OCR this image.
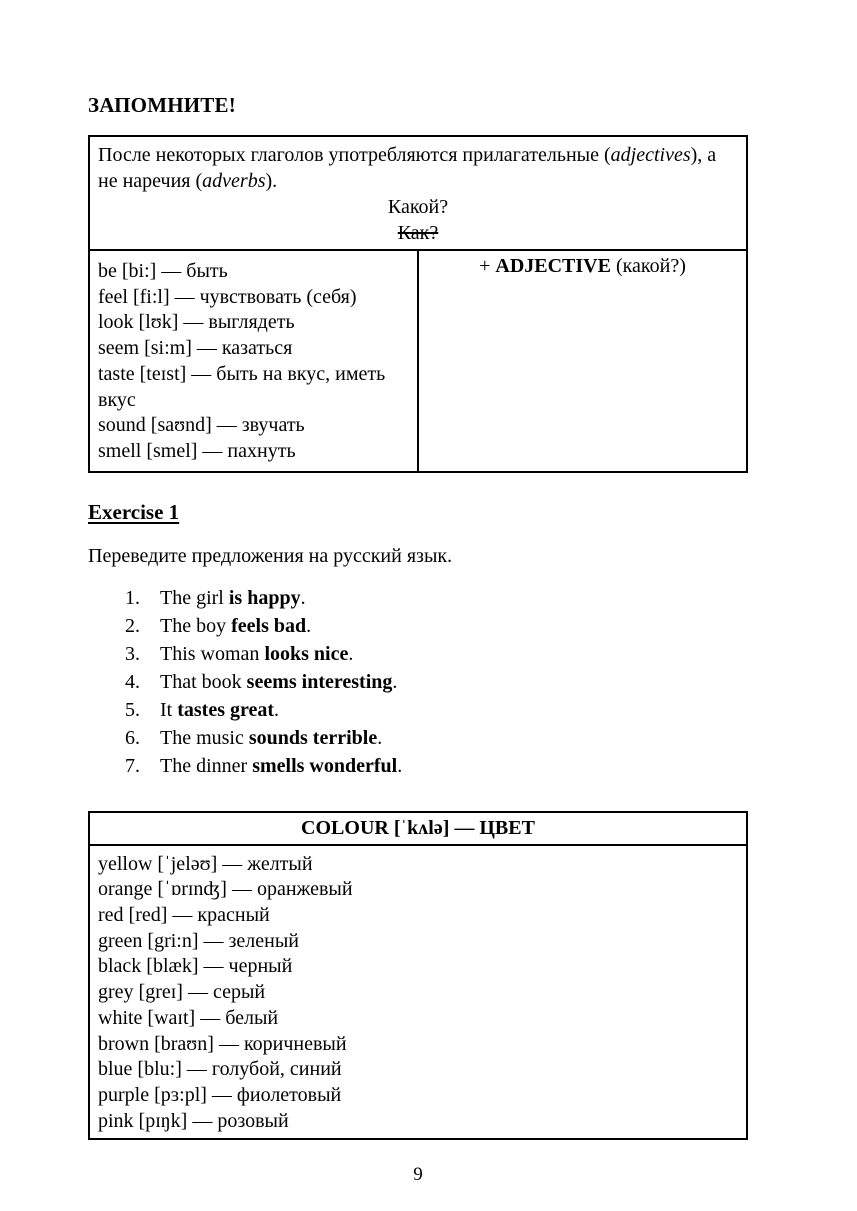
ЗАПОМНИТЕ!
После некоторых глаголов употребляются прилагательные (adjectives), а не наречия (adverbs).
Какой?
Как?

be [bi:] — быть
feel [fi:l] — чувствовать (себя)
look [lʊk] — выглядеть
seem [si:m] — казаться
taste [teɪst] — быть на вкус, иметь вкус
sound [saʊnd] — звучать
smell [smel] — пахнуть
	+ ADJECTIVE (какой?)
Exercise 1
Переведите предложения на русский язык.
1.	The girl is happy.
2.	The boy feels bad.
3.	This woman looks nice.
4.	That book seems interesting.
5.	It tastes great.
6.	The music sounds terrible.
7.	The dinner smells wonderful.
COLOUR [ˈkʌlə] — ЦВЕТ

yellow [ˈjeləʊ] — желтый
orange [ˈɒrɪnʤ] — оранжевый
red [red] — красный
green [gri:n] — зеленый
black [blæk] — черный
grey [greɪ] — серый
white [waɪt] — белый
brown [braʊn] — коричневый
blue [blu:] — голубой, синий
purple [pɜ:pl] — фиолетовый
pink [pɪŋk] — розовый
9
